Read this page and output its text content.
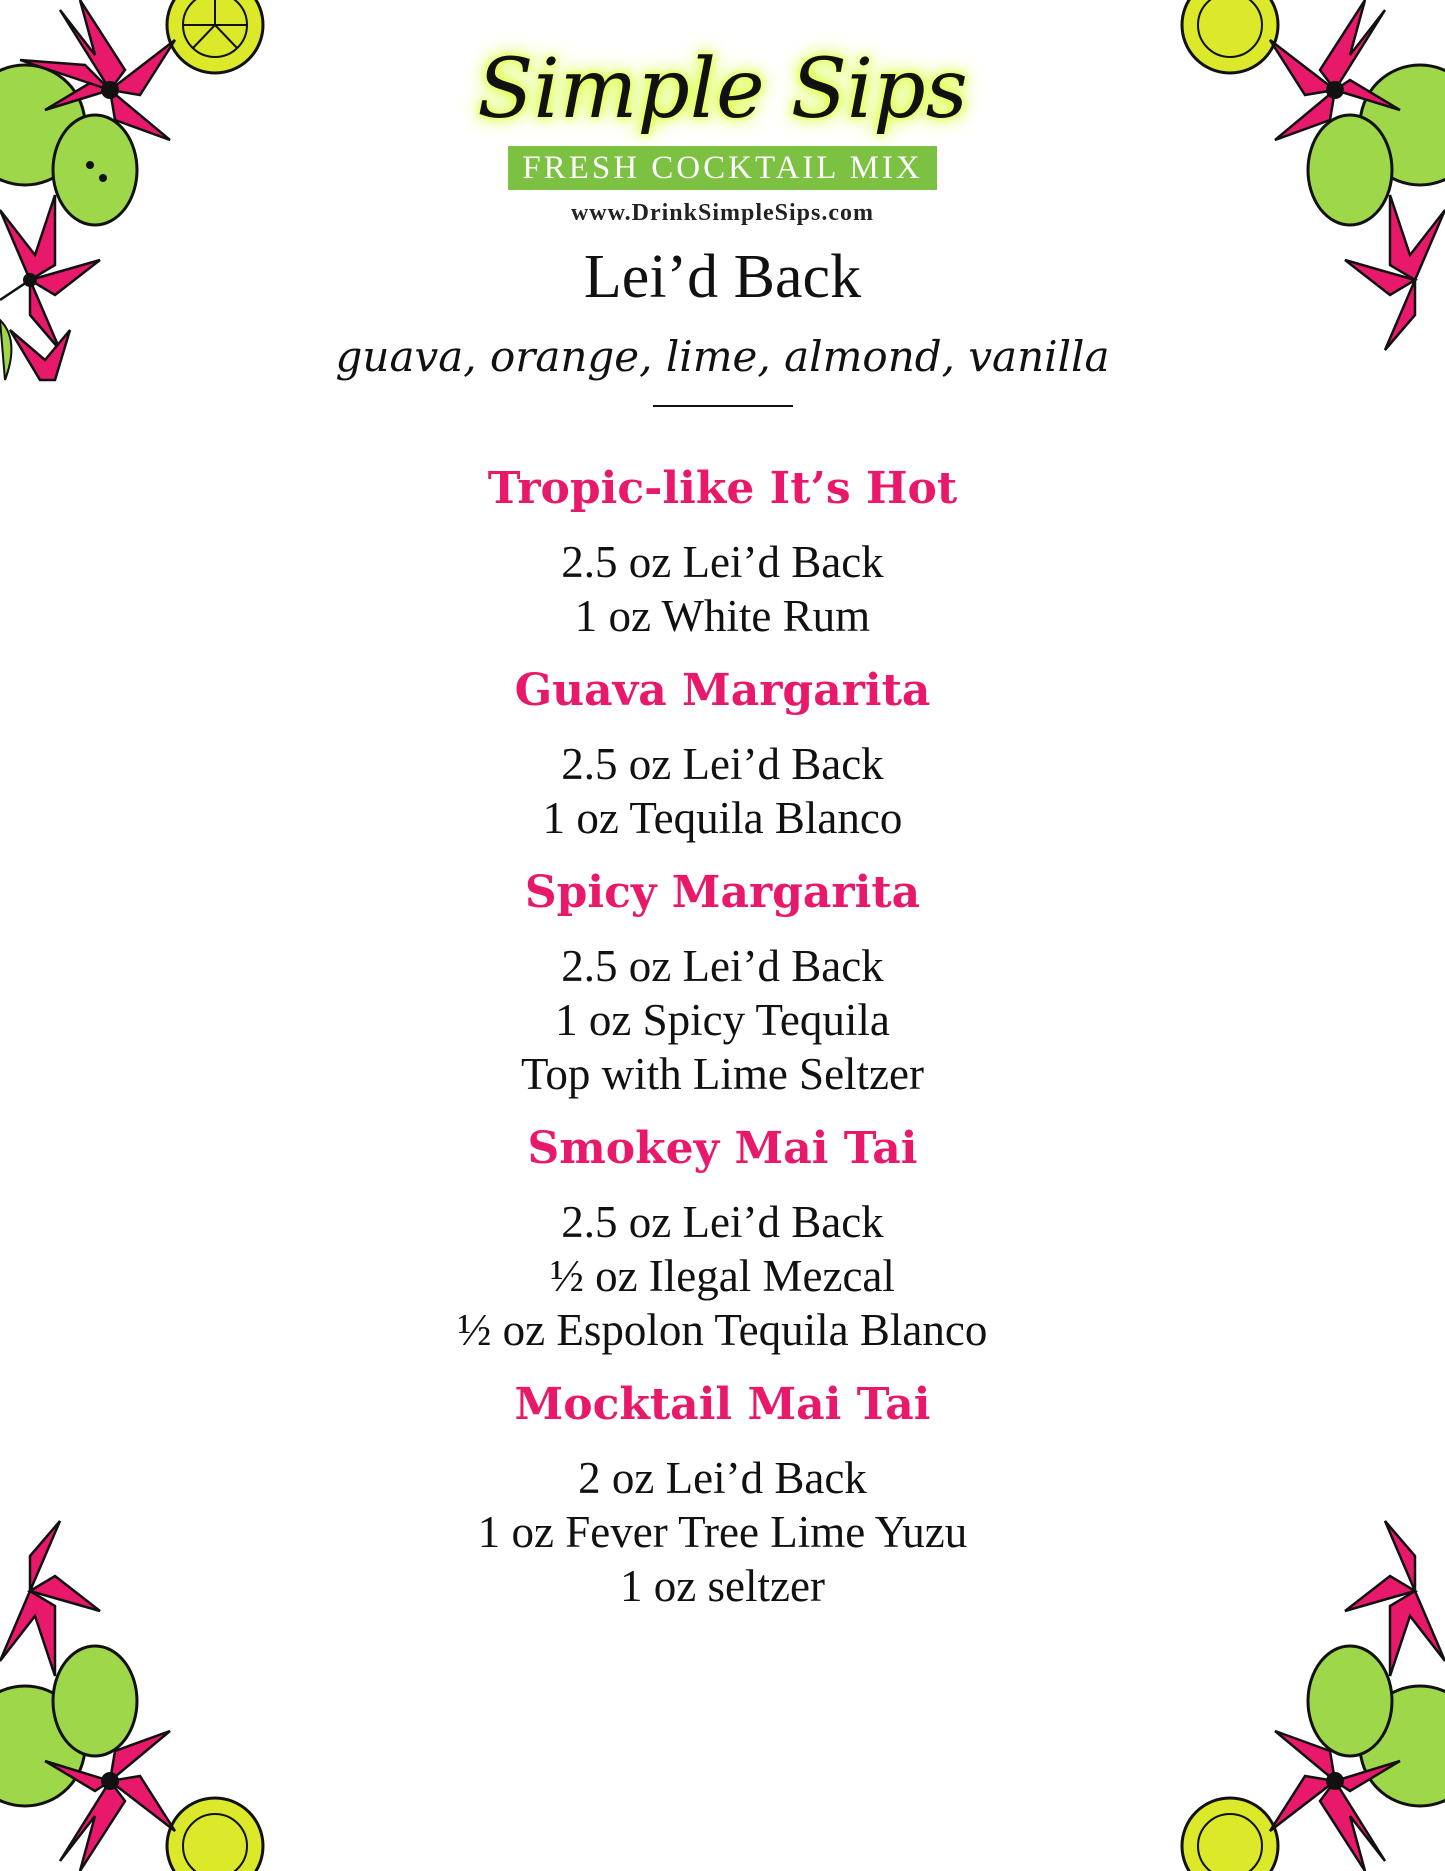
Simple Sips
FRESH COCKTAIL MIX
www.DrinkSimpleSips.com
Lei’d Back
guava, orange, lime, almond, vanilla
Tropic-like It’s Hot
2.5 oz Lei’d Back
1 oz White Rum
Guava Margarita
2.5 oz Lei’d Back
1 oz Tequila Blanco
Spicy Margarita
2.5 oz Lei’d Back
1 oz Spicy Tequila
Top with Lime Seltzer
Smokey Mai Tai
2.5 oz Lei’d Back
½ oz Ilegal Mezcal
½ oz Espolon Tequila Blanco
Mocktail Mai Tai
2 oz Lei’d Back
1 oz Fever Tree Lime Yuzu
1 oz seltzer
